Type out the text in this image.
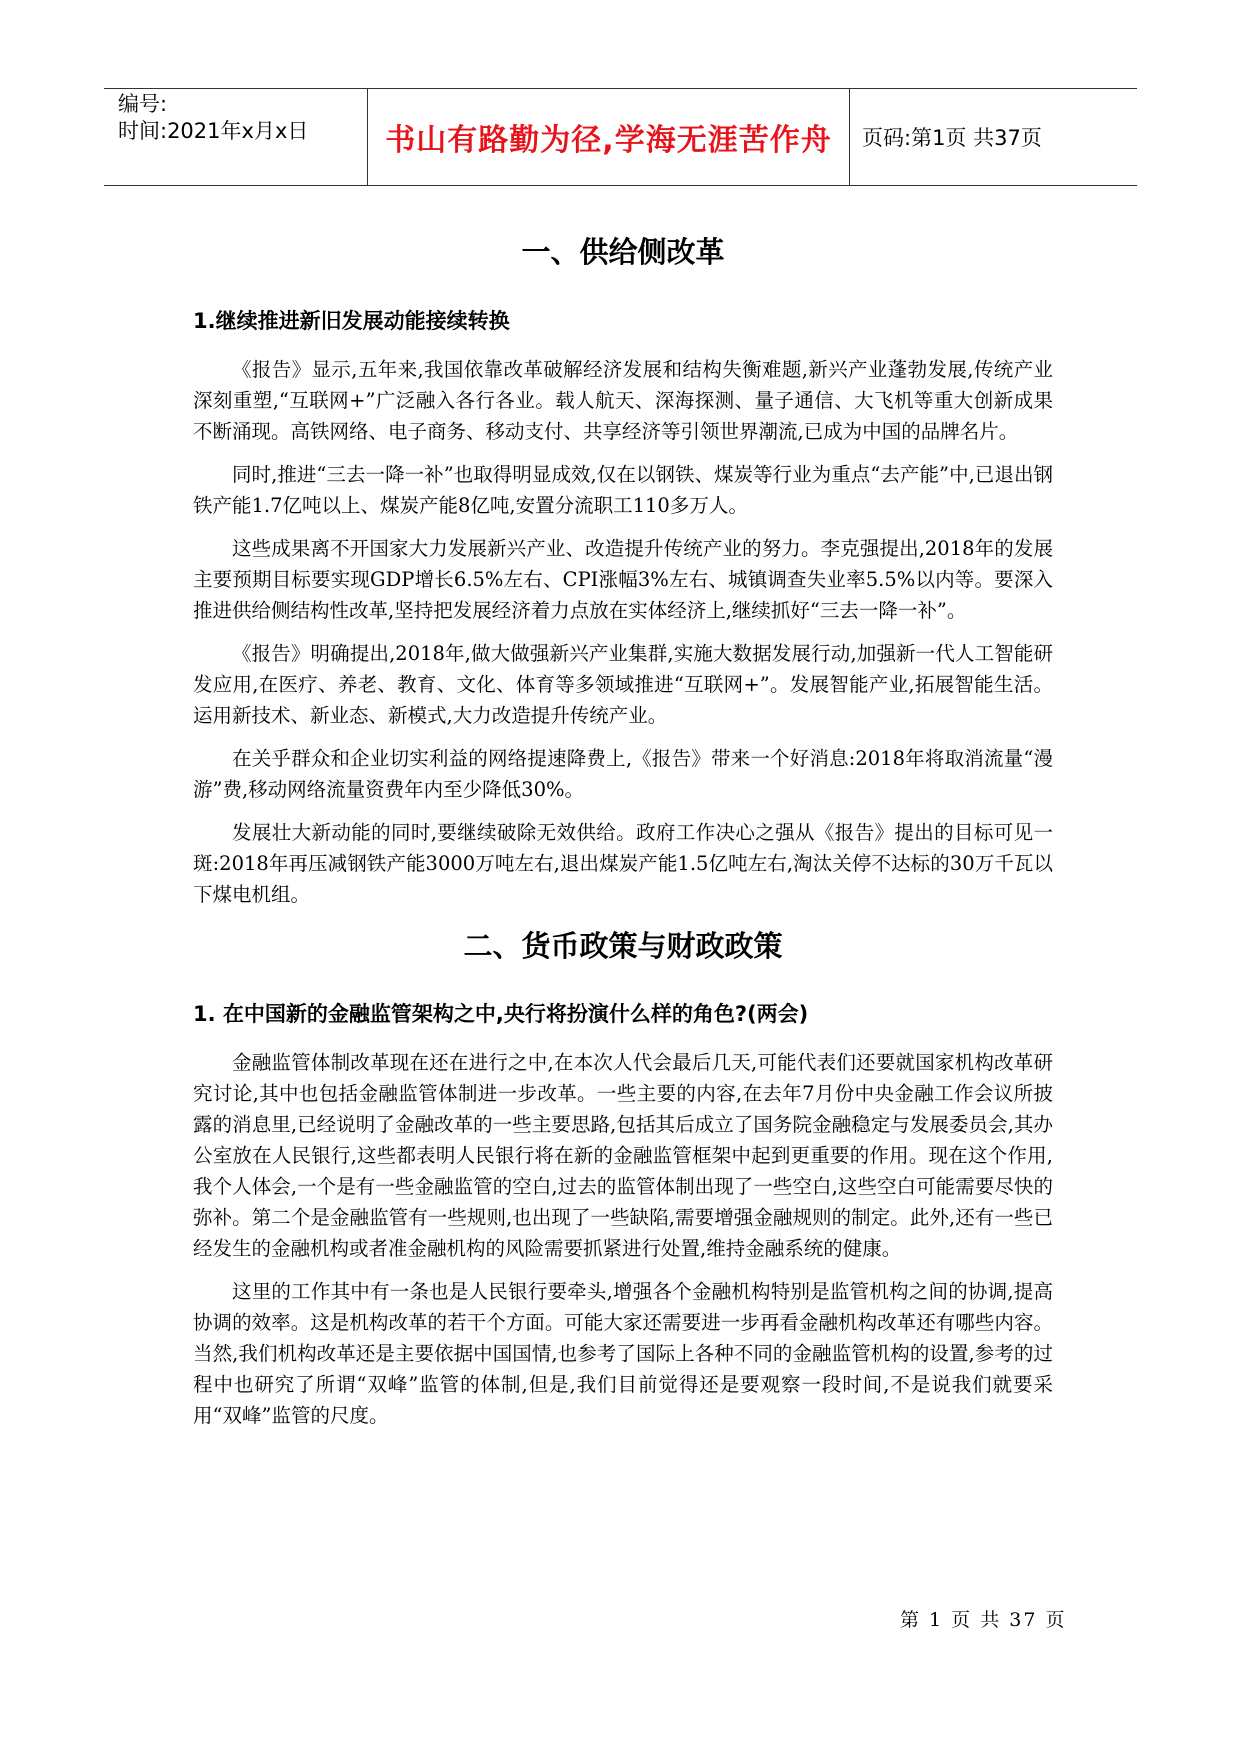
编号:
时间:2021年x月x日	书山有路勤为径,学海无涯苦作舟 页码:第1页 共37页
一、供给侧改革
1.继续推进新旧发展动能接续转换

《报告》显示,五年来,我国依靠改革破解经济发展和结构失衡难题,新兴产业蓬勃发展,传统产业深刻重塑,“互联网+”广泛融入各行各业。载人航天、深海探测、量子通信、大飞机等重大创新成果不断涌现。高铁网络、电子商务、移动支付、共享经济等引领世界潮流,已成为中国的品牌名片。

同时,推进“三去一降一补”也取得明显成效,仅在以钢铁、煤炭等行业为重点“去产能”中,已退出钢铁产能1.7亿吨以上、煤炭产能8亿吨,安置分流职工110多万人。

这些成果离不开国家大力发展新兴产业、改造提升传统产业的努力。李克强提出,2018年的发展主要预期目标要实现GDP增长6.5%左右、CPI涨幅3%左右、城镇调查失业率5.5%以内等。要深入推进供给侧结构性改革,坚持把发展经济着力点放在实体经济上,继续抓好“三去一降一补”。

《报告》明确提出,2018年,做大做强新兴产业集群,实施大数据发展行动,加强新一代人工智能研发应用,在医疗、养老、教育、文化、体育等多领域推进“互联网+”。发展智能产业,拓展智能生活。运用新技术、新业态、新模式,大力改造提升传统产业。

在关乎群众和企业切实利益的网络提速降费上,《报告》带来一个好消息:2018年将取消流量“漫游”费,移动网络流量资费年内至少降低30%。

发展壮大新动能的同时,要继续破除无效供给。政府工作决心之强从《报告》提出的目标可见一斑:2018年再压减钢铁产能3000万吨左右,退出煤炭产能1.5亿吨左右,淘汰关停不达标的30万千瓦以下煤电机组。

二、货币政策与财政政策
1. 在中国新的金融监管架构之中,央行将扮演什么样的角色?(两会)

金融监管体制改革现在还在进行之中,在本次人代会最后几天,可能代表们还要就国家机构改革研究讨论,其中也包括金融监管体制进一步改革。一些主要的内容,在去年7月份中央金融工作会议所披露的消息里,已经说明了金融改革的一些主要思路,包括其后成立了国务院金融稳定与发展委员会,其办公室放在人民银行,这些都表明人民银行将在新的金融监管框架中起到更重要的作用。现在这个作用,我个人体会,一个是有一些金融监管的空白,过去的监管体制出现了一些空白,这些空白可能需要尽快的弥补。第二个是金融监管有一些规则,也出现了一些缺陷,需要增强金融规则的制定。此外,还有一些已经发生的金融机构或者准金融机构的风险需要抓紧进行处置,维持金融系统的健康。

这里的工作其中有一条也是人民银行要牵头,增强各个金融机构特别是监管机构之间的协调,提高协调的效率。这是机构改革的若干个方面。可能大家还需要进一步再看金融机构改革还有哪些内容。当然,我们机构改革还是主要依据中国国情,也参考了国际上各种不同的金融监管机构的设置,参考的过程中也研究了所谓“双峰”监管的体制,但是,我们目前觉得还是要观察一段时间,不是说我们就要采用“双峰”监管的尺度。

第 1 页 共 37 页
